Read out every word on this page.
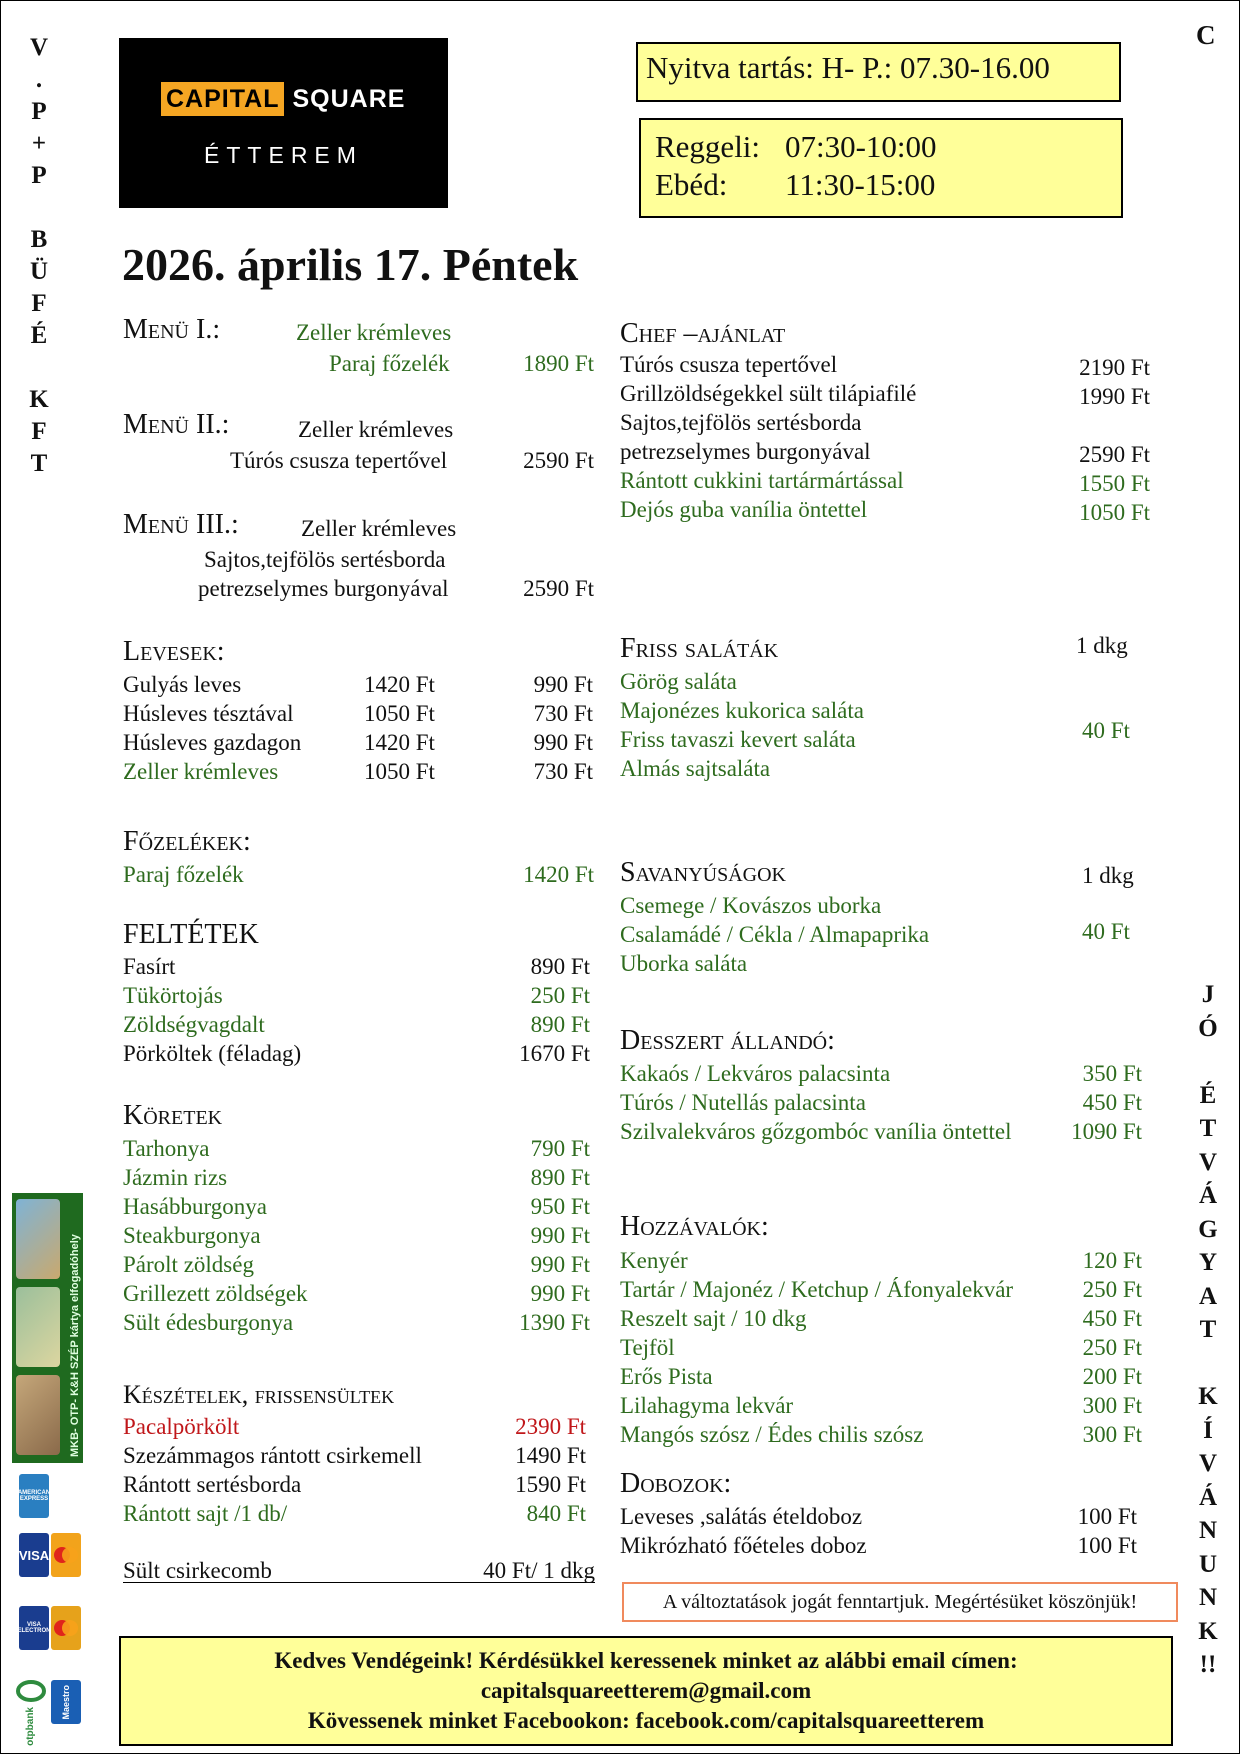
V
.
P
+
P

B
Ü
F
É

K
F
T
C
J
Ó

É
T
V
Á
G
Y
A
T

K
Í
V
Á
N
U
N
K
!!
CAPITAL SQUARE
ÉTTEREM
Nyitva tartás: H- P.: 07.30-16.00
Reggeli: 07:30-10:00
Ebéd: 11:30-15:00
2026. április 17. Péntek
Menü I.:	Zeller krémleves
Paraj főzelék	1890 Ft
Menü II.:	Zeller krémleves
Túrós csusza tepertővel	2590 Ft
Menü III.:	Zeller krémleves
Sajtos,tejfölös sertésborda
petrezselymes burgonyával	2590 Ft
Levesek:
Gulyás leves	1420 Ft	990 Ft
Húsleves tésztával	1050 Ft	730 Ft
Húsleves gazdagon	1420 Ft	990 Ft
Zeller krémleves	1050 Ft	730 Ft
Főzelékek:
Paraj főzelék	1420 Ft
FELTÉTEK
Fasírt	890 Ft
Tükörtojás	250 Ft
Zöldségvagdalt	890 Ft
Pörköltek (féladag)	1670 Ft
Köretek
Tarhonya	790 Ft
Jázmin rizs	890 Ft
Hasábburgonya	950 Ft
Steakburgonya	990 Ft
Párolt zöldség	990 Ft
Grillezett zöldségek	990 Ft
Sült édesburgonya	1390 Ft
Készételek, frissensültek
Pacalpörkölt	2390 Ft
Szezámmagos rántott csirkemell	1490 Ft
Rántott sertésborda	1590 Ft
Rántott sajt /1 db/	840 Ft
Sült csirkecomb	40 Ft/ 1 dkg
Chef –ajánlat
Túrós csusza tepertővel	2190 Ft
Grillzöldségekkel sült tilápiafilé	1990 Ft
Sajtos,tejfölös sertésborda
petrezselymes burgonyával	2590 Ft
Rántott cukkini tartármártással	1550 Ft
Dejós guba vanília öntettel	1050 Ft
Friss saláták	1 dkg
40 Ft
Görög saláta
Majonézes kukorica saláta
Friss tavaszi kevert saláta
Almás sajtsaláta
Savanyúságok	1 dkg
40 Ft
Csemege / Kovászos uborka
Csalamádé / Cékla / Almapaprika
Uborka saláta
Desszert állandó:
Kakaós / Lekváros palacsinta	350 Ft
Túrós / Nutellás palacsinta	450 Ft
Szilvalekváros gőzgombóc vanília öntettel	1090 Ft
Hozzávalók:
Kenyér	120 Ft
Tartár / Majonéz / Ketchup / Áfonyalekvár	250 Ft
Reszelt sajt / 10 dkg	450 Ft
Tejföl	250 Ft
Erős Pista	200 Ft
Lilahagyma lekvár	300 Ft
Mangós szósz / Édes chilis szósz	300 Ft
Dobozok:
Leveses ,salátás ételdoboz	100 Ft
Mikrózható főételes doboz	100 Ft
A változtatások jogát fenntartjuk. Megértésüket köszönjük!
Kedves Vendégeink! Kérdésükkel keressenek minket az alábbi email címen:
capitalsquareetterem@gmail.com
Kövessenek minket Facebookon: facebook.com/capitalsquareetterem
MKB- OTP- K&H SZÉP kártya elfogadóhely
AMERICAN EXPRESS
VISA
VISA ELECTRON
otpbank
Maestro
